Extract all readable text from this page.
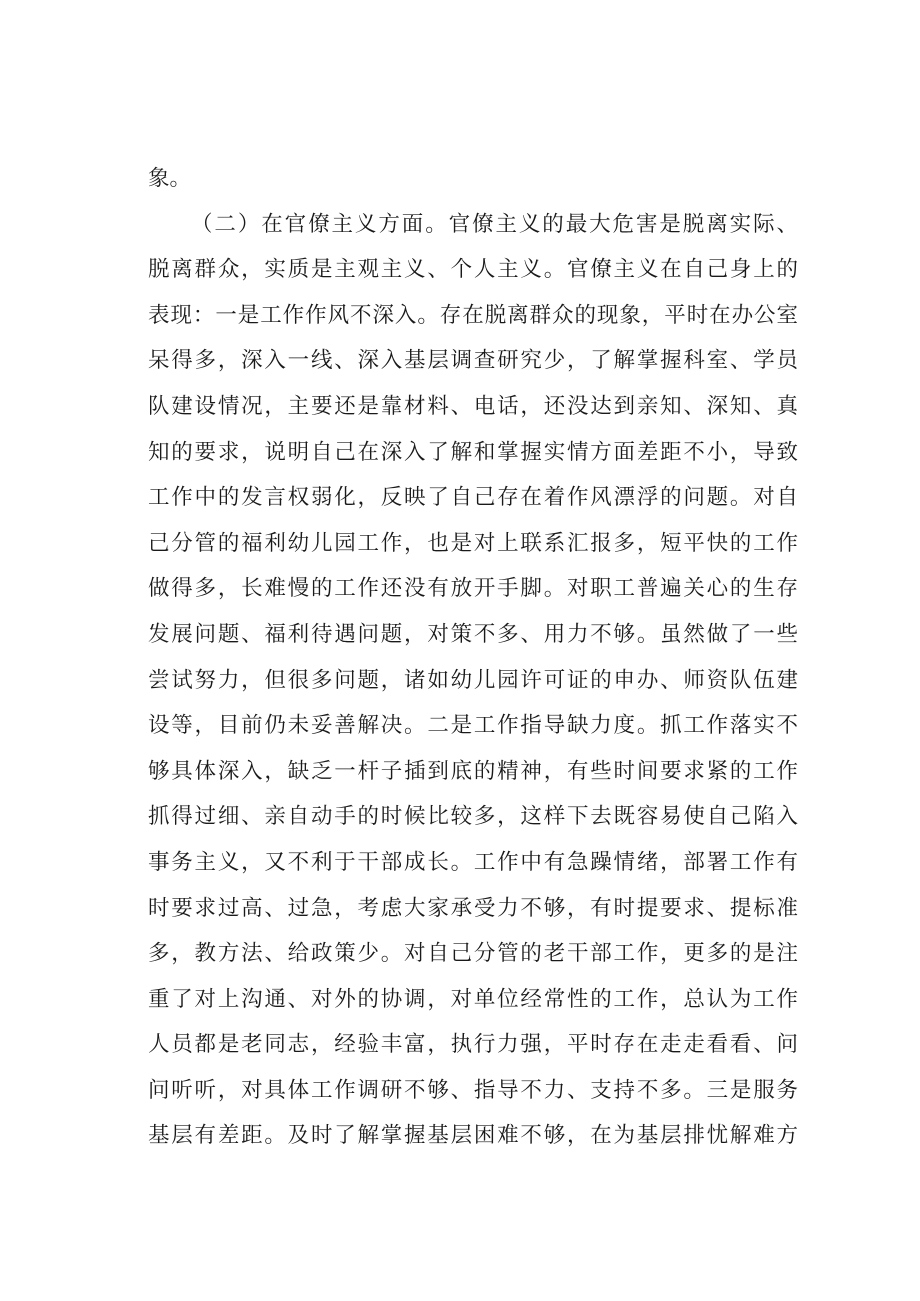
象。
（二）在官僚主义方面。官僚主义的最大危害是脱离实际、
脱离群众，实质是主观主义、个人主义。官僚主义在自己身上的
表现：一是工作作风不深入。存在脱离群众的现象，平时在办公室
呆得多，深入一线、深入基层调查研究少，了解掌握科室、学员
队建设情况，主要还是靠材料、电话，还没达到亲知、深知、真
知的要求，说明自己在深入了解和掌握实情方面差距不小，导致
工作中的发言权弱化，反映了自己存在着作风漂浮的问题。对自
己分管的福利幼儿园工作，也是对上联系汇报多，短平快的工作
做得多，长难慢的工作还没有放开手脚。对职工普遍关心的生存
发展问题、福利待遇问题，对策不多、用力不够。虽然做了一些
尝试努力，但很多问题，诸如幼儿园许可证的申办、师资队伍建
设等，目前仍未妥善解决。二是工作指导缺力度。抓工作落实不
够具体深入，缺乏一杆子插到底的精神，有些时间要求紧的工作
抓得过细、亲自动手的时候比较多，这样下去既容易使自己陷入
事务主义，又不利于干部成长。工作中有急躁情绪，部署工作有
时要求过高、过急，考虑大家承受力不够，有时提要求、提标准
多，教方法、给政策少。对自己分管的老干部工作，更多的是注
重了对上沟通、对外的协调，对单位经常性的工作，总认为工作
人员都是老同志，经验丰富，执行力强，平时存在走走看看、问
问听听，对具体工作调研不够、指导不力、支持不多。三是服务
基层有差距。及时了解掌握基层困难不够，在为基层排忧解难方
